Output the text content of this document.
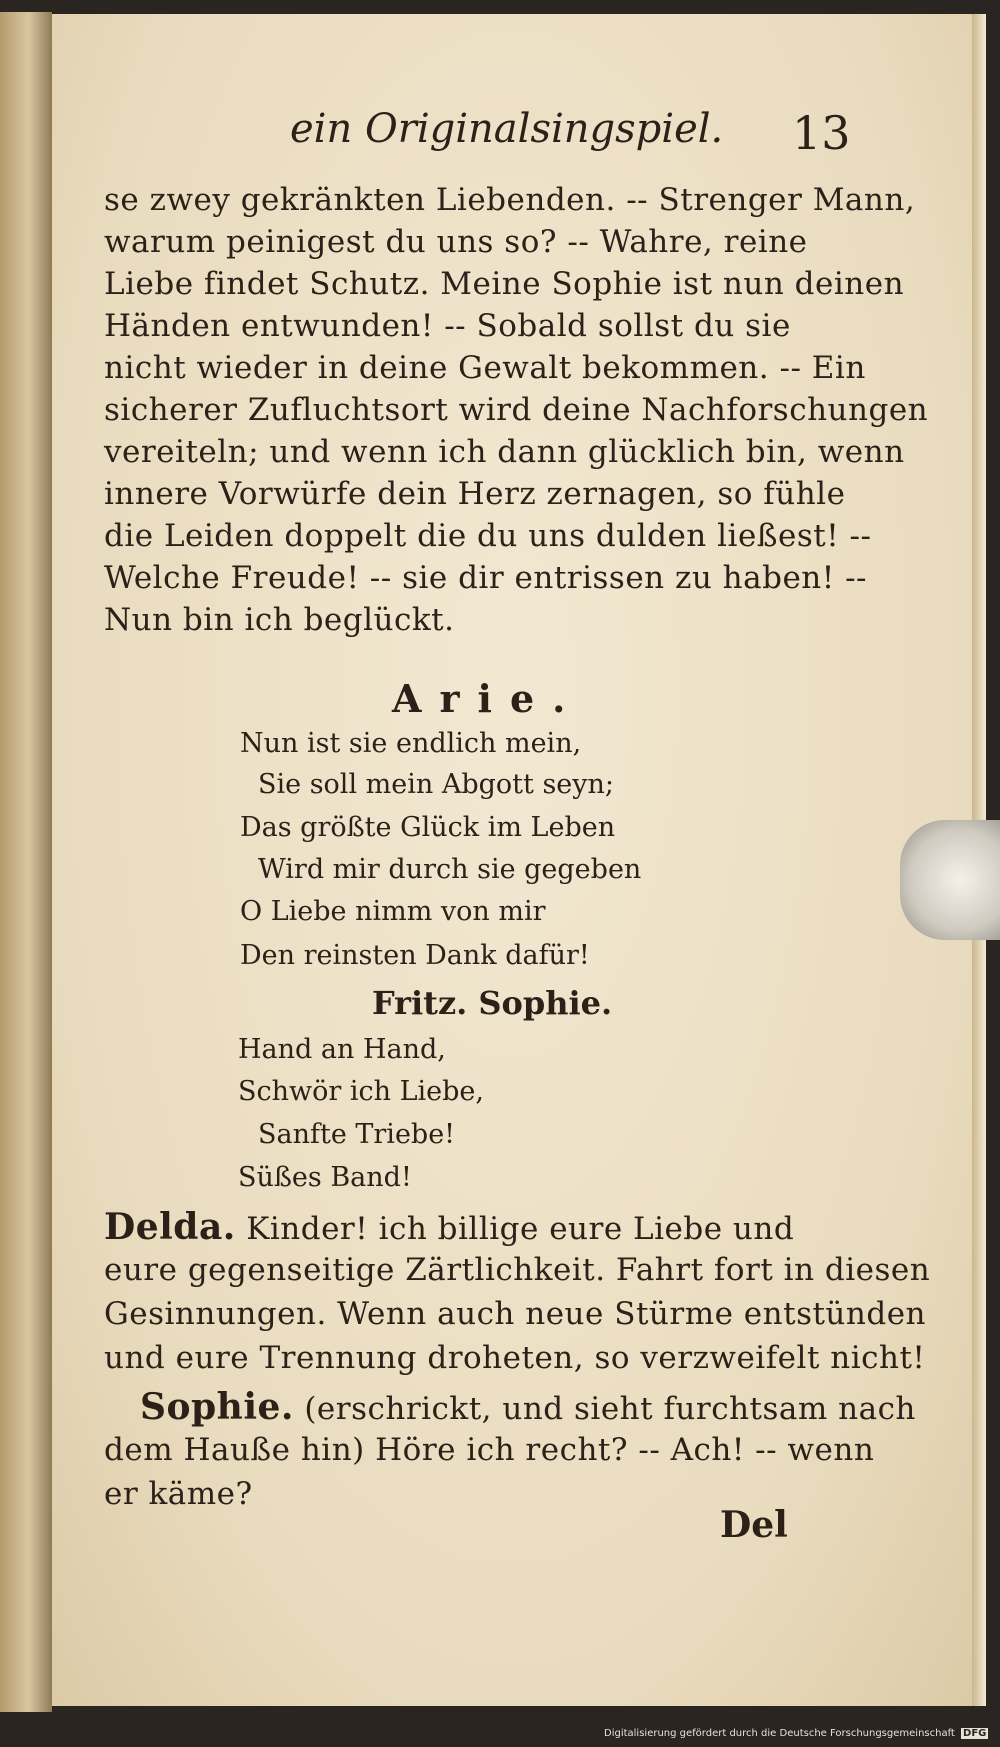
ein Originalsingspiel. 13
se zwey gekränkten Liebenden. -- Strenger Mann,
warum peinigest du uns so? -- Wahre, reine
Liebe findet Schutz. Meine Sophie ist nun deinen
Händen entwunden! -- Sobald sollst du sie
nicht wieder in deine Gewalt bekommen. -- Ein
sicherer Zufluchtsort wird deine Nachforschungen
vereiteln; und wenn ich dann glücklich bin, wenn
innere Vorwürfe dein Herz zernagen, so fühle
die Leiden doppelt die du uns dulden ließest! --
Welche Freude! -- sie dir entrissen zu haben! --
Nun bin ich beglückt.
Arie.
Nun ist sie endlich mein,
Sie soll mein Abgott seyn;
Das größte Glück im Leben
Wird mir durch sie gegeben
O Liebe nimm von mir
Den reinsten Dank dafür!
Fritz. Sophie.
Hand an Hand,
Schwör ich Liebe,
Sanfte Triebe!
Süßes Band!
Delda. Kinder! ich billige eure Liebe und
eure gegenseitige Zärtlichkeit. Fahrt fort in diesen
Gesinnungen. Wenn auch neue Stürme entstünden
und eure Trennung droheten, so verzweifelt nicht!
Sophie. (erschrickt, und sieht furchtsam nach
dem Hauße hin) Höre ich recht? -- Ach! -- wenn
er käme?
Del
Digitalisierung gefördert durch die Deutsche Forschungsgemeinschaft DFG
